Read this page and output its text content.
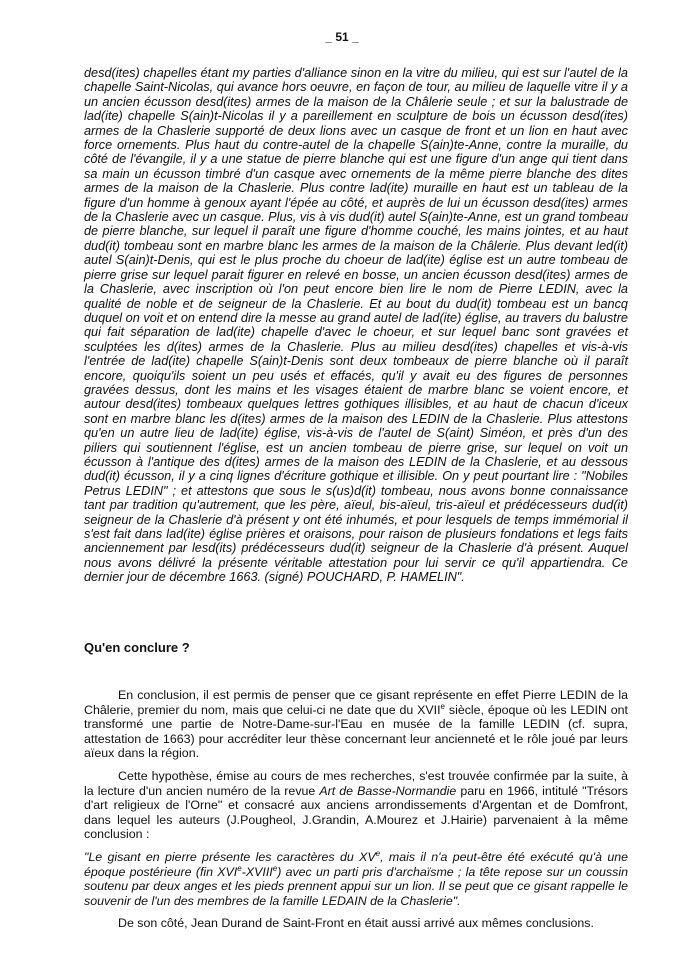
_ 51 _
desd(ites) chapelles étant my parties d'alliance sinon en la vitre du milieu, qui est sur l'autel de la chapelle Saint-Nicolas, qui avance hors oeuvre, en façon de tour, au milieu de laquelle vitre il y a un ancien écusson desd(ites) armes de la maison de la Châlerie seule ; et sur la balustrade de lad(ite) chapelle S(ain)t-Nicolas il y a pareillement en sculpture de bois un écusson desd(ites) armes de la Chaslerie supporté de deux lions avec un casque de front et un lion en haut avec force ornements. Plus haut du contre-autel de la chapelle S(ain)te-Anne, contre la muraille, du côté de l'évangile, il y a une statue de pierre blanche qui est une figure d'un ange qui tient dans sa main un écusson timbré d'un casque avec ornements de la même pierre blanche des dites armes de la maison de la Chaslerie. Plus contre lad(ite) muraille en haut est un tableau de la figure d'un homme à genoux ayant l'épée au côté, et auprès de lui un écusson desd(ites) armes de la Chaslerie avec un casque. Plus, vis à vis dud(it) autel S(ain)te-Anne, est un grand tombeau de pierre blanche, sur lequel il paraît une figure d'homme couché, les mains jointes, et au haut dud(it) tombeau sont en marbre blanc les armes de la maison de la Châlerie. Plus devant led(it) autel S(ain)t-Denis, qui est le plus proche du choeur de lad(ite) église est un autre tombeau de pierre grise sur lequel parait figurer en relevé en bosse, un ancien écusson desd(ites) armes de la Chaslerie, avec inscription où l'on peut encore bien lire le nom de Pierre LEDIN, avec la qualité de noble et de seigneur de la Chaslerie. Et au bout du dud(it) tombeau est un bancq duquel on voit et on entend dire la messe au grand autel de lad(ite) église, au travers du balustre qui fait séparation de lad(ite) chapelle d'avec le choeur, et sur lequel banc sont gravées et sculptées les d(ites) armes de la Chaslerie. Plus au milieu desd(ites) chapelles et vis-à-vis l'entrée de lad(ite) chapelle S(ain)t-Denis sont deux tombeaux de pierre blanche où il paraît encore, quoiqu'ils soient un peu usés et effacés, qu'il y avait eu des figures de personnes gravées dessus, dont les mains et les visages étaient de marbre blanc se voient encore, et autour desd(ites) tombeaux quelques lettres gothiques illisibles, et au haut de chacun d'iceux sont en marbre blanc les d(ites) armes de la maison des LEDIN de la Chaslerie. Plus attestons qu'en un autre lieu de lad(ite) église, vis-à-vis de l'autel de S(aint) Siméon, et près d'un des piliers qui soutiennent l'église, est un ancien tombeau de pierre grise, sur lequel on voit un écusson à l'antique des d(ites) armes de la maison des LEDIN de la Chaslerie, et au dessous dud(it) écusson, il y a cinq lignes d'écriture gothique et illisible. On y peut pourtant lire : "Nobiles Petrus LEDIN" ; et attestons que sous le s(us)d(it) tombeau, nous avons bonne connaissance tant par tradition qu'autrement, que les père, aïeul, bis-aïeul, tris-aïeul et prédécesseurs dud(it) seigneur de la Chaslerie d'à présent y ont été inhumés, et pour lesquels de temps immémorial il s'est fait dans lad(ite) église prières et oraisons, pour raison de plusieurs fondations et legs faits anciennement par lesd(its) prédécesseurs dud(it) seigneur de la Chaslerie d'à présent. Auquel nous avons délivré la présente véritable attestation pour lui servir ce qu'il appartiendra. Ce dernier jour de décembre 1663. (signé) POUCHARD, P. HAMELIN".
Qu'en conclure ?

En conclusion, il est permis de penser que ce gisant représente en effet Pierre LEDIN de la Châlerie, premier du nom, mais que celui-ci ne date que du XVIIe siècle, époque où les LEDIN ont transformé une partie de Notre-Dame-sur-l'Eau en musée de la famille LEDIN (cf. supra, attestation de 1663) pour accréditer leur thèse concernant leur ancienneté et le rôle joué par leurs aïeux dans la région.

Cette hypothèse, émise au cours de mes recherches, s'est trouvée confirmée par la suite, à la lecture d'un ancien numéro de la revue Art de Basse-Normandie paru en 1966, intitulé "Trésors d'art religieux de l'Orne" et consacré aux anciens arrondissements d'Argentan et de Domfront, dans lequel les auteurs (J.Pougheol, J.Grandin, A.Mourez et J.Hairie) parvenaient à la même conclusion :

"Le gisant en pierre présente les caractères du XVe, mais il n'a peut-être été exécuté qu'à une époque postérieure (fin XVIe-XVIIIe) avec un parti pris d'archaïsme ; la tête repose sur un coussin soutenu par deux anges et les pieds prennent appui sur un lion. Il se peut que ce gisant rappelle le souvenir de l'un des membres de la famille LEDAIN de la Chaslerie".

De son côté, Jean Durand de Saint-Front en était aussi arrivé aux mêmes conclusions.
